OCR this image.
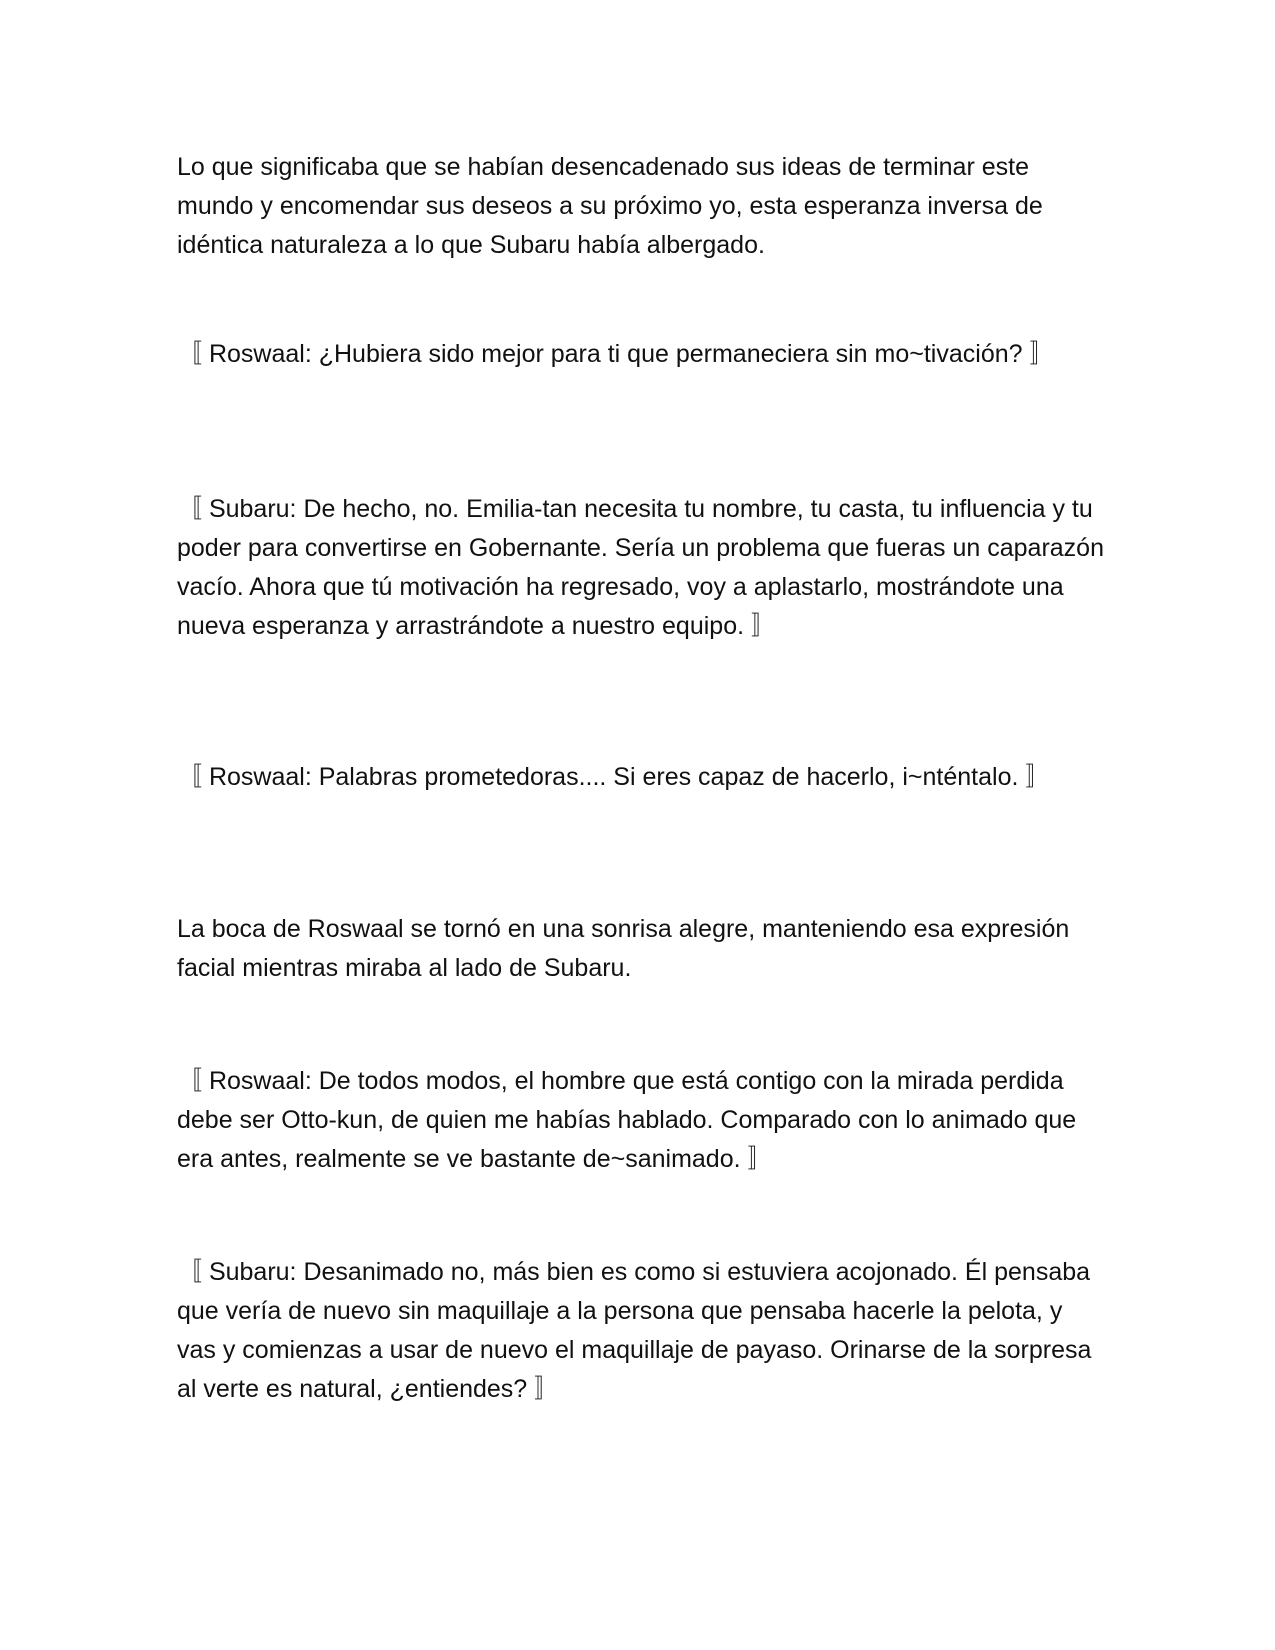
Lo que significaba que se habían desencadenado sus ideas de terminar este mundo y encomendar sus deseos a su próximo yo, esta esperanza inversa de idéntica naturaleza a lo que Subaru había albergado.

〚 Roswaal: ¿Hubiera sido mejor para ti que permaneciera sin mo~tivación? 〛

〚 Subaru: De hecho, no. Emilia-tan necesita tu nombre, tu casta, tu influencia y tu poder para convertirse en Gobernante. Sería un problema que fueras un caparazón vacío. Ahora que tú motivación ha regresado, voy a aplastarlo, mostrándote una nueva esperanza y arrastrándote a nuestro equipo. 〛

〚 Roswaal: Palabras prometedoras.... Si eres capaz de hacerlo, i~nténtalo. 〛

La boca de Roswaal se tornó en una sonrisa alegre, manteniendo esa expresión facial mientras miraba al lado de Subaru.

〚 Roswaal: De todos modos, el hombre que está contigo con la mirada perdida debe ser Otto-kun, de quien me habías hablado. Comparado con lo animado que era antes, realmente se ve bastante de~sanimado. 〛

〚 Subaru: Desanimado no, más bien es como si estuviera acojonado. Él pensaba que vería de nuevo sin maquillaje a la persona que pensaba hacerle la pelota, y vas y comienzas a usar de nuevo el maquillaje de payaso. Orinarse de la sorpresa al verte es natural, ¿entiendes? 〛
